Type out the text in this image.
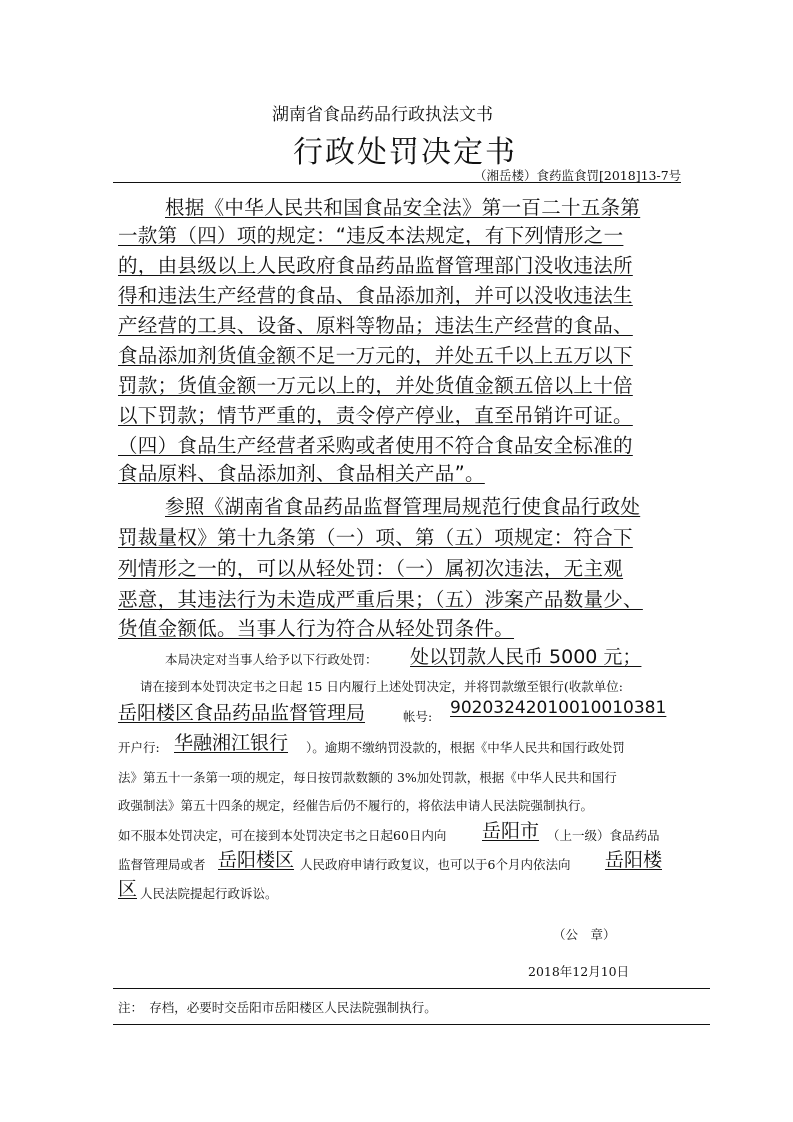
湖南省食品药品行政执法文书
行政处罚决定书
（湘岳楼）食药监食罚[2018]13-7号
根据《中华人民共和国食品安全法》第一百二十五条第
一款第（四）项的规定：“违反本法规定，有下列情形之一
的，由县级以上人民政府食品药品监督管理部门没收违法所
得和违法生产经营的食品、食品添加剂，并可以没收违法生
产经营的工具、设备、原料等物品；违法生产经营的食品、
食品添加剂货值金额不足一万元的，并处五千以上五万以下
罚款；货值金额一万元以上的，并处货值金额五倍以上十倍
以下罚款；情节严重的，责令停产停业，直至吊销许可证。
（四）食品生产经营者采购或者使用不符合食品安全标准的
食品原料、食品添加剂、食品相关产品”。
参照《湖南省食品药品监督管理局规范行使食品行政处
罚裁量权》第十九条第（一）项、第（五）项规定：符合下
列情形之一的，可以从轻处罚：（一）属初次违法，无主观
恶意，其违法行为未造成严重后果；（五）涉案产品数量少、
货值金额低。当事人行为符合从轻处罚条件。
本局决定对当事人给予以下行政处罚： 处以罚款人民币 5000 元；
请在接到本处罚决定书之日起 15 日内履行上述处罚决定，并将罚款缴至银行(收款单位:
岳阳楼区食品药品监督管理局	帐号: 90203242010010010381
开户行: 华融湘江银行 ）。逾期不缴纳罚没款的，根据《中华人民共和国行政处罚
法》第五十一条第一项的规定，每日按罚款数额的 3%加处罚款，根据《中华人民共和国行
政强制法》第五十四条的规定，经催告后仍不履行的，将依法申请人民法院强制执行。
如不服本处罚决定，可在接到本处罚决定书之日起60日内向 岳阳市 （上一级）食品药品
监督管理局或者 岳阳楼区 人民政府申请行政复议，也可以于6个月内依法向 岳阳楼
区 人民法院提起行政诉讼。
（公　章）
2018年12月10日
注：　存档，必要时交岳阳市岳阳楼区人民法院强制执行。
